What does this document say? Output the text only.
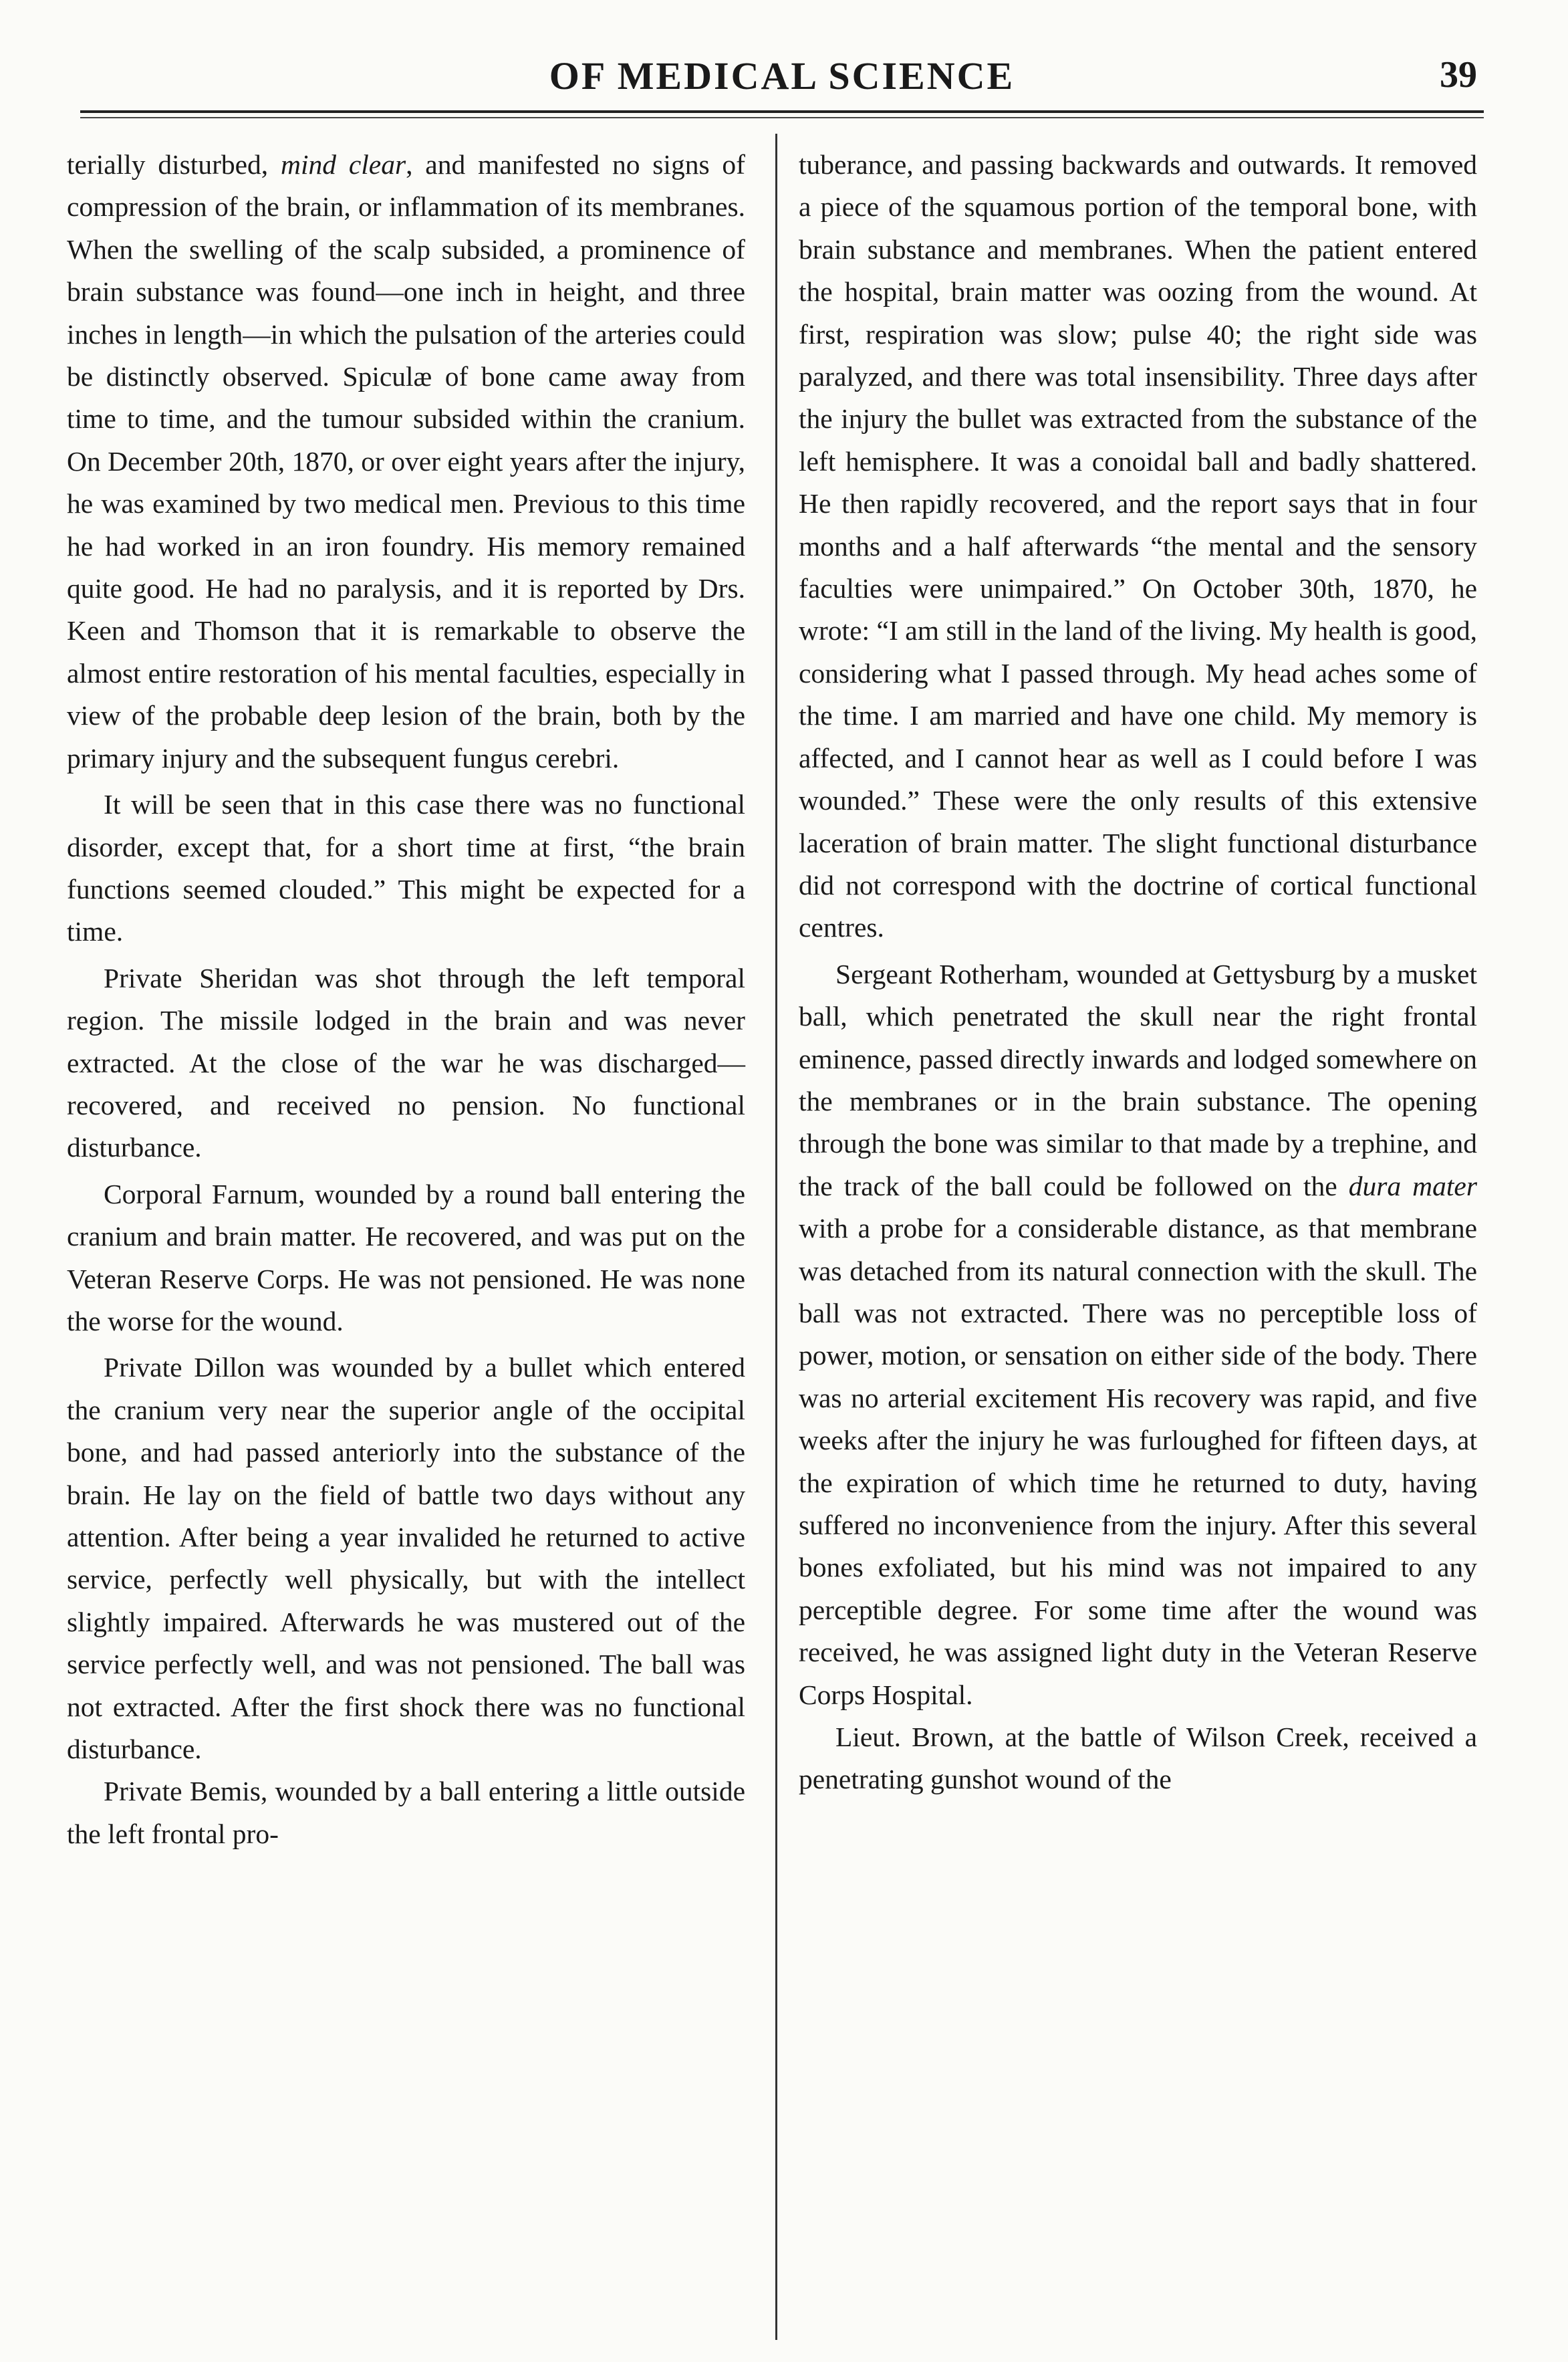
OF MEDICAL SCIENCE	39

terially disturbed, mind clear, and manifested no signs of compression of the brain, or inflammation of its membranes. When the swelling of the scalp subsided, a prominence of brain substance was found—one inch in height, and three inches in length—in which the pulsation of the arteries could be distinctly observed. Spiculæ of bone came away from time to time, and the tumour subsided within the cranium. On December 20th, 1870, or over eight years after the injury, he was examined by two medical men. Previous to this time he had worked in an iron foundry. His memory remained quite good. He had no paralysis, and it is reported by Drs. Keen and Thomson that it is remarkable to observe the almost entire restoration of his mental faculties, especially in view of the probable deep lesion of the brain, both by the primary injury and the subsequent fungus cerebri.

It will be seen that in this case there was no functional disorder, except that, for a short time at first, “the brain functions seemed clouded.” This might be expected for a time.

Private Sheridan was shot through the left temporal region. The missile lodged in the brain and was never extracted. At the close of the war he was discharged—recovered, and received no pension. No functional disturbance.

Corporal Farnum, wounded by a round ball entering the cranium and brain matter. He recovered, and was put on the Veteran Reserve Corps. He was not pensioned. He was none the worse for the wound.

Private Dillon was wounded by a bullet which entered the cranium very near the superior angle of the occipital bone, and had passed anteriorly into the substance of the brain. He lay on the field of battle two days without any attention. After being a year invalided he returned to active service, perfectly well physically, but with the intellect slightly impaired. Afterwards he was mustered out of the service perfectly well, and was not pensioned. The ball was not extracted. After the first shock there was no functional disturbance.

Private Bemis, wounded by a ball entering a little outside the left frontal pro-

tuberance, and passing backwards and outwards. It removed a piece of the squamous portion of the temporal bone, with brain substance and membranes. When the patient entered the hospital, brain matter was oozing from the wound. At first, respiration was slow; pulse 40; the right side was paralyzed, and there was total insensibility. Three days after the injury the bullet was extracted from the substance of the left hemisphere. It was a conoidal ball and badly shattered. He then rapidly recovered, and the report says that in four months and a half afterwards “the mental and the sensory faculties were unimpaired.” On October 30th, 1870, he wrote: “I am still in the land of the living. My health is good, considering what I passed through. My head aches some of the time. I am married and have one child. My memory is affected, and I cannot hear as well as I could before I was wounded.” These were the only results of this extensive laceration of brain matter. The slight functional disturbance did not correspond with the doctrine of cortical functional centres.

Sergeant Rotherham, wounded at Gettysburg by a musket ball, which penetrated the skull near the right frontal eminence, passed directly inwards and lodged somewhere on the membranes or in the brain substance. The opening through the bone was similar to that made by a trephine, and the track of the ball could be followed on the dura mater with a probe for a considerable distance, as that membrane was detached from its natural connection with the skull. The ball was not extracted. There was no perceptible loss of power, motion, or sensation on either side of the body. There was no arterial excitement His recovery was rapid, and five weeks after the injury he was furloughed for fifteen days, at the expiration of which time he returned to duty, having suffered no inconvenience from the injury. After this several bones exfoliated, but his mind was not impaired to any perceptible degree. For some time after the wound was received, he was assigned light duty in the Veteran Reserve Corps Hospital.

Lieut. Brown, at the battle of Wilson Creek, received a penetrating gunshot wound of the
